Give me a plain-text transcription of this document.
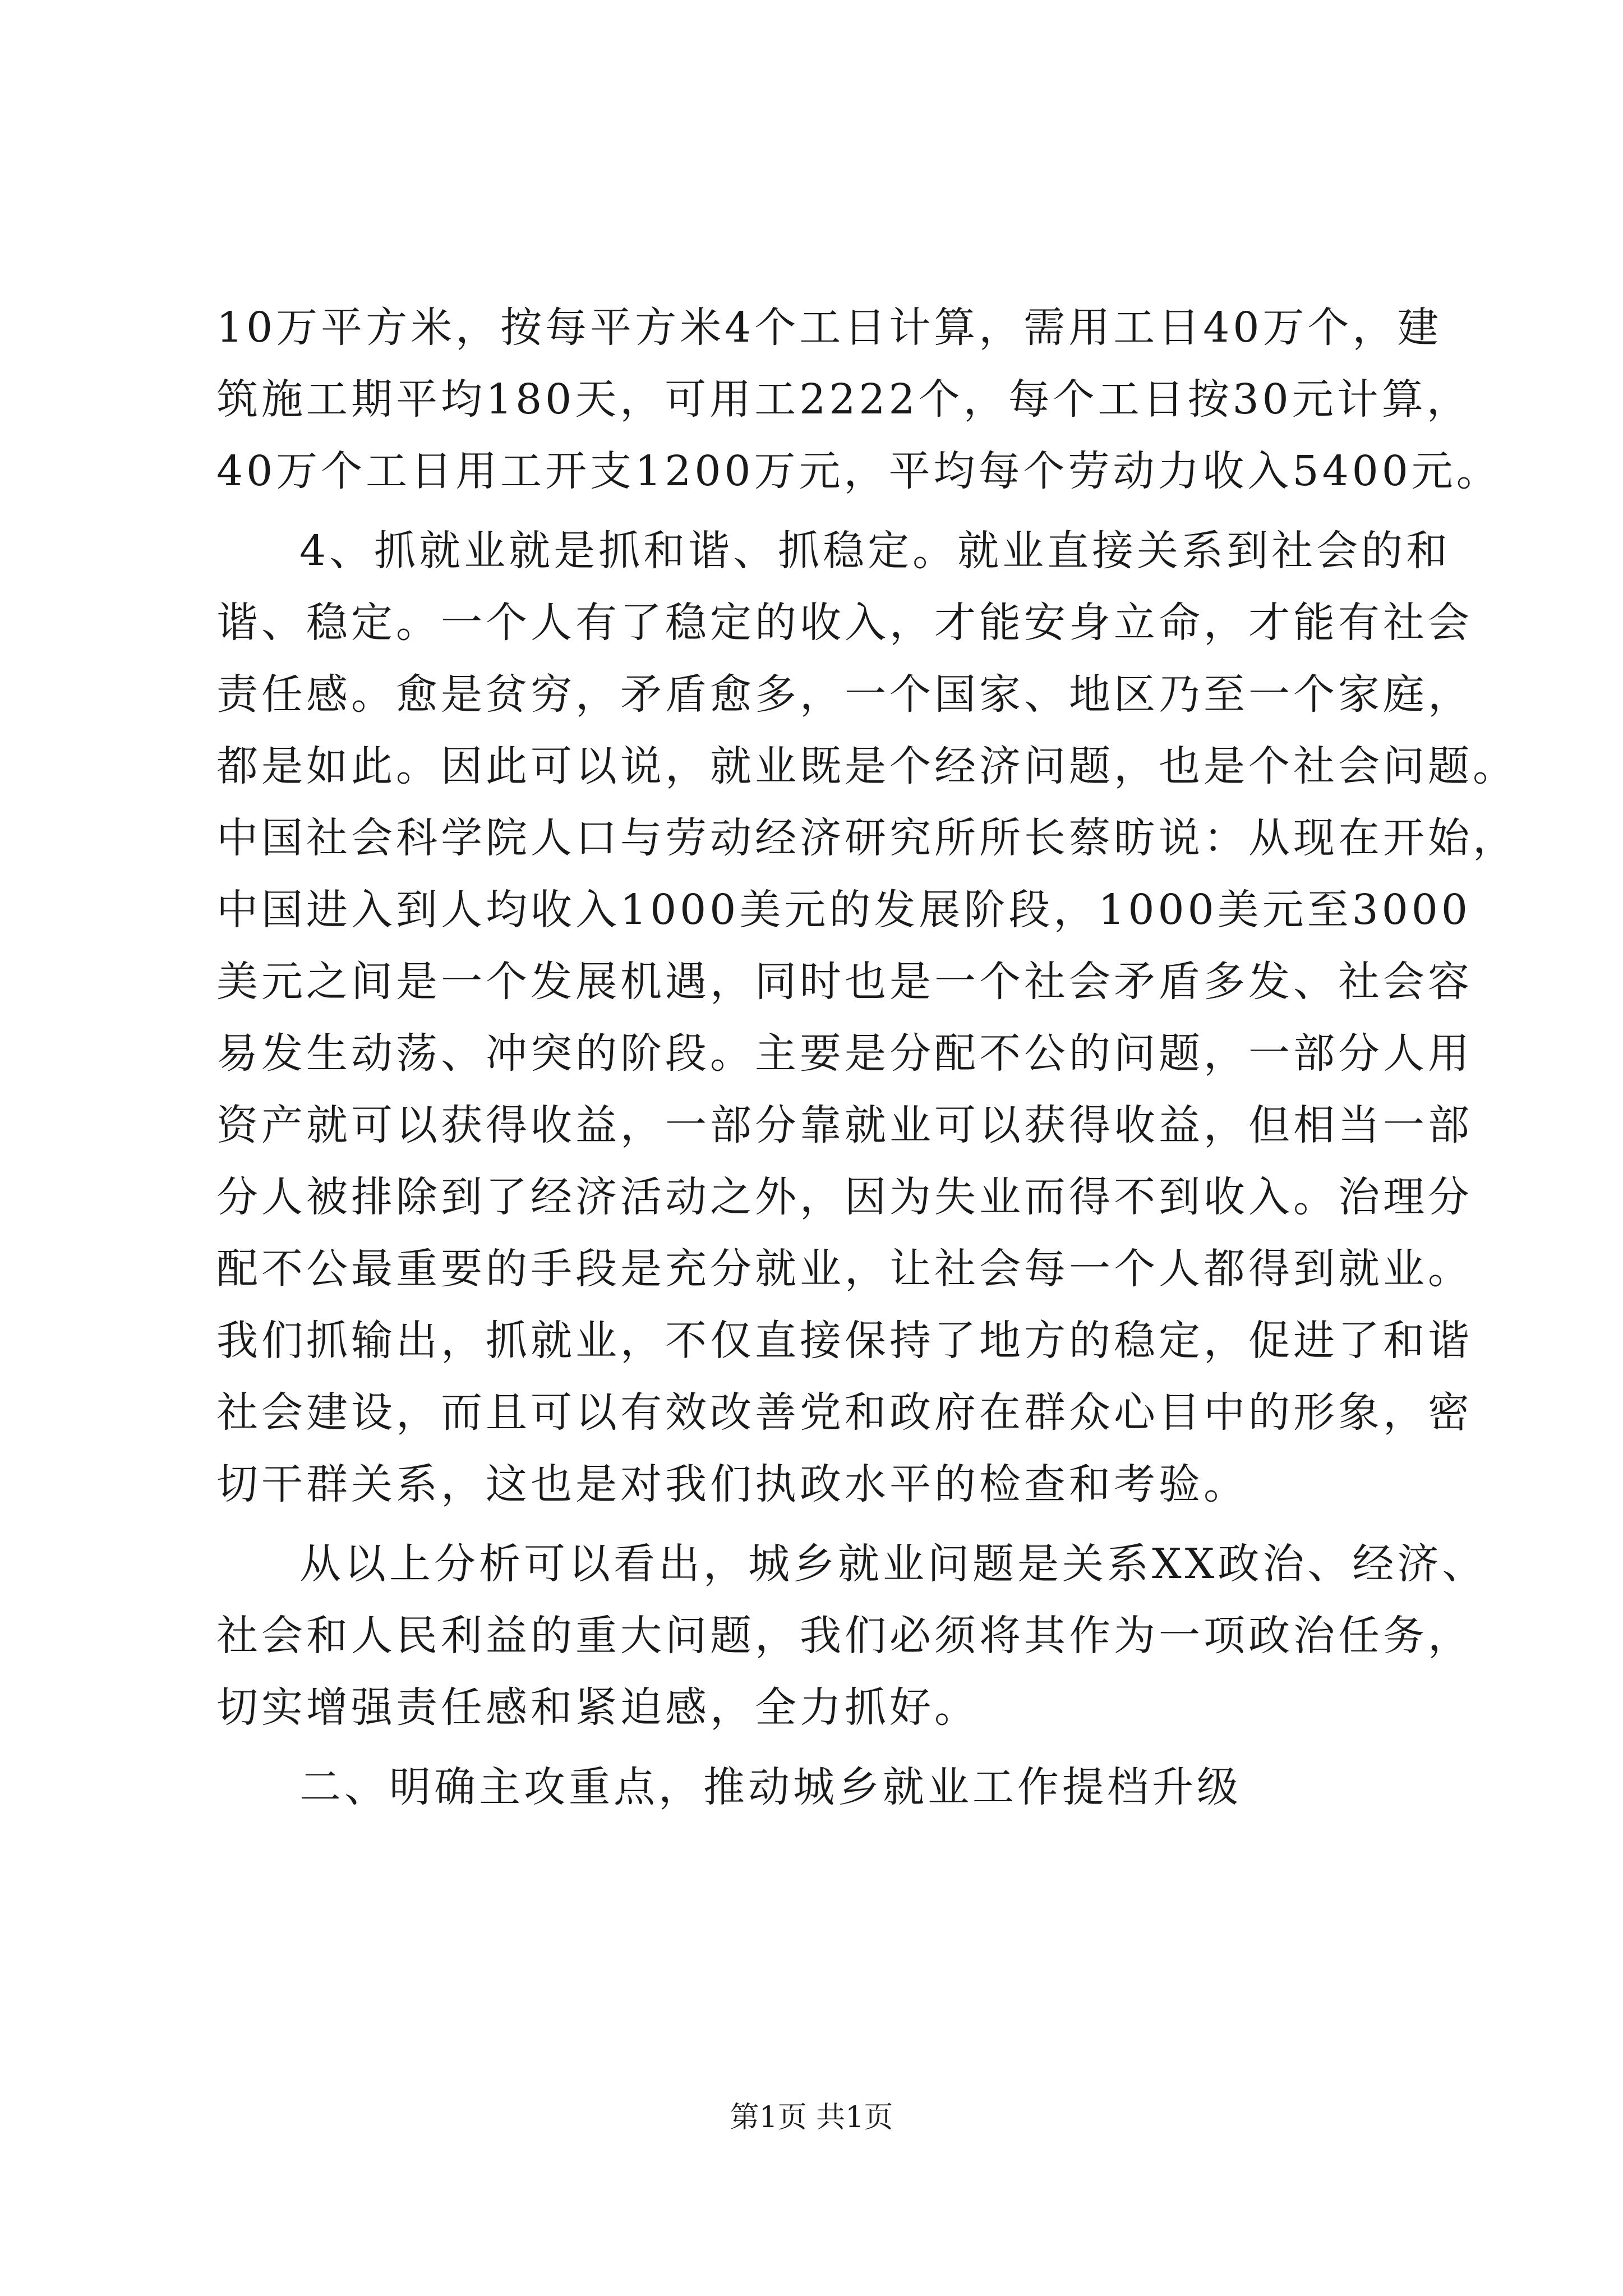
10万平方米，按每平方米4个工日计算，需用工日40万个，建
筑施工期平均180天，可用工2222个，每个工日按30元计算，
40万个工日用工开支1200万元，平均每个劳动力收入5400元。
4、抓就业就是抓和谐、抓稳定。就业直接关系到社会的和
谐、稳定。一个人有了稳定的收入，才能安身立命，才能有社会
责任感。愈是贫穷，矛盾愈多，一个国家、地区乃至一个家庭，
都是如此。因此可以说，就业既是个经济问题，也是个社会问题。
中国社会科学院人口与劳动经济研究所所长蔡昉说：从现在开始，
中国进入到人均收入1000美元的发展阶段，1000美元至3000
美元之间是一个发展机遇，同时也是一个社会矛盾多发、社会容
易发生动荡、冲突的阶段。主要是分配不公的问题，一部分人用
资产就可以获得收益，一部分靠就业可以获得收益，但相当一部
分人被排除到了经济活动之外，因为失业而得不到收入。治理分
配不公最重要的手段是充分就业，让社会每一个人都得到就业。
我们抓输出，抓就业，不仅直接保持了地方的稳定，促进了和谐
社会建设，而且可以有效改善党和政府在群众心目中的形象，密
切干群关系，这也是对我们执政水平的检查和考验。
从以上分析可以看出，城乡就业问题是关系XX政治、经济、
社会和人民利益的重大问题，我们必须将其作为一项政治任务，
切实增强责任感和紧迫感，全力抓好。
二、明确主攻重点，推动城乡就业工作提档升级
第1页 共1页
